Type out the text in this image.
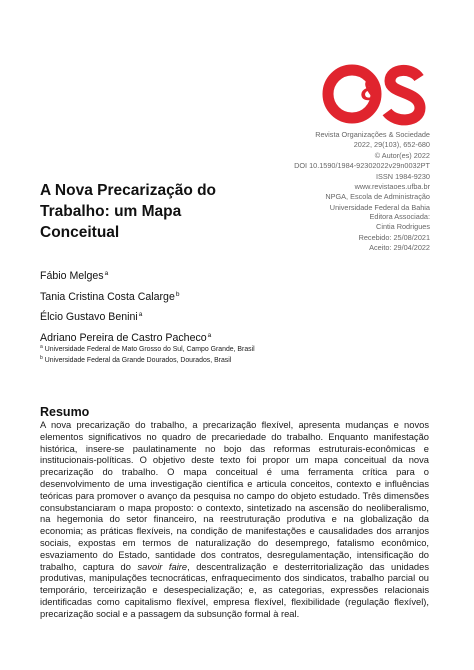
&
Revista Organizações & Sociedade
2022, 29(103), 652-680
© Autor(es) 2022
DOI 10.1590/1984-92302022v29n0032PT
ISSN 1984-9230
www.revistaoes.ufba.br
NPGA, Escola de Administração
Universidade Federal da Bahia
Editora Associada:
Cintia Rodrigues
Recebido: 25/08/2021
Aceito: 29/04/2022
A Nova Precarização do
Trabalho: um Mapa
Conceitual
Fábio Melges$^a$
Tania Cristina Costa Calarge$^b$
Élcio Gustavo Benini$^a$
Adriano Pereira de Castro Pacheco$^a$
$^a$ Universidade Federal de Mato Grosso do Sul, Campo Grande, Brasil
$^b$ Universidade Federal da Grande Dourados, Dourados, Brasil
Resumo
A nova precarização do trabalho, a precarização flexível, apresenta mudanças e novos elementos significativos no quadro de precariedade do trabalho. Enquanto manifestação histórica, insere-se paulatinamente no bojo das reformas estruturais-econômicas e institucionais-políticas. O objetivo deste texto foi propor um mapa conceitual da nova precarização do trabalho. O mapa conceitual é uma ferramenta crítica para o desenvolvimento de uma investigação científica e articula conceitos, contexto e influências teóricas para promover o avanço da pesquisa no campo do objeto estudado. Três dimensões consubstanciaram o mapa proposto: o contexto, sintetizado na ascensão do neoliberalismo, na hegemonia do setor financeiro, na reestruturação produtiva e na globalização da economia; as práticas flexíveis, na condição de manifestações e causalidades dos arranjos sociais, expostas em termos de naturalização do desemprego, fatalismo econômico, esvaziamento do Estado, santidade dos contratos, desregulamentação, intensificação do trabalho, captura do savoir faire, descentralização e desterritorialização das unidades produtivas, manipulações tecnocráticas, enfraquecimento dos sindicatos, trabalho parcial ou temporário, terceirização e desespecialização; e, as categorias, expressões relacionais identificadas como capitalismo flexível, empresa flexível, flexibilidade (regulação flexível), precarização social e a passagem da subsunção formal à real.
